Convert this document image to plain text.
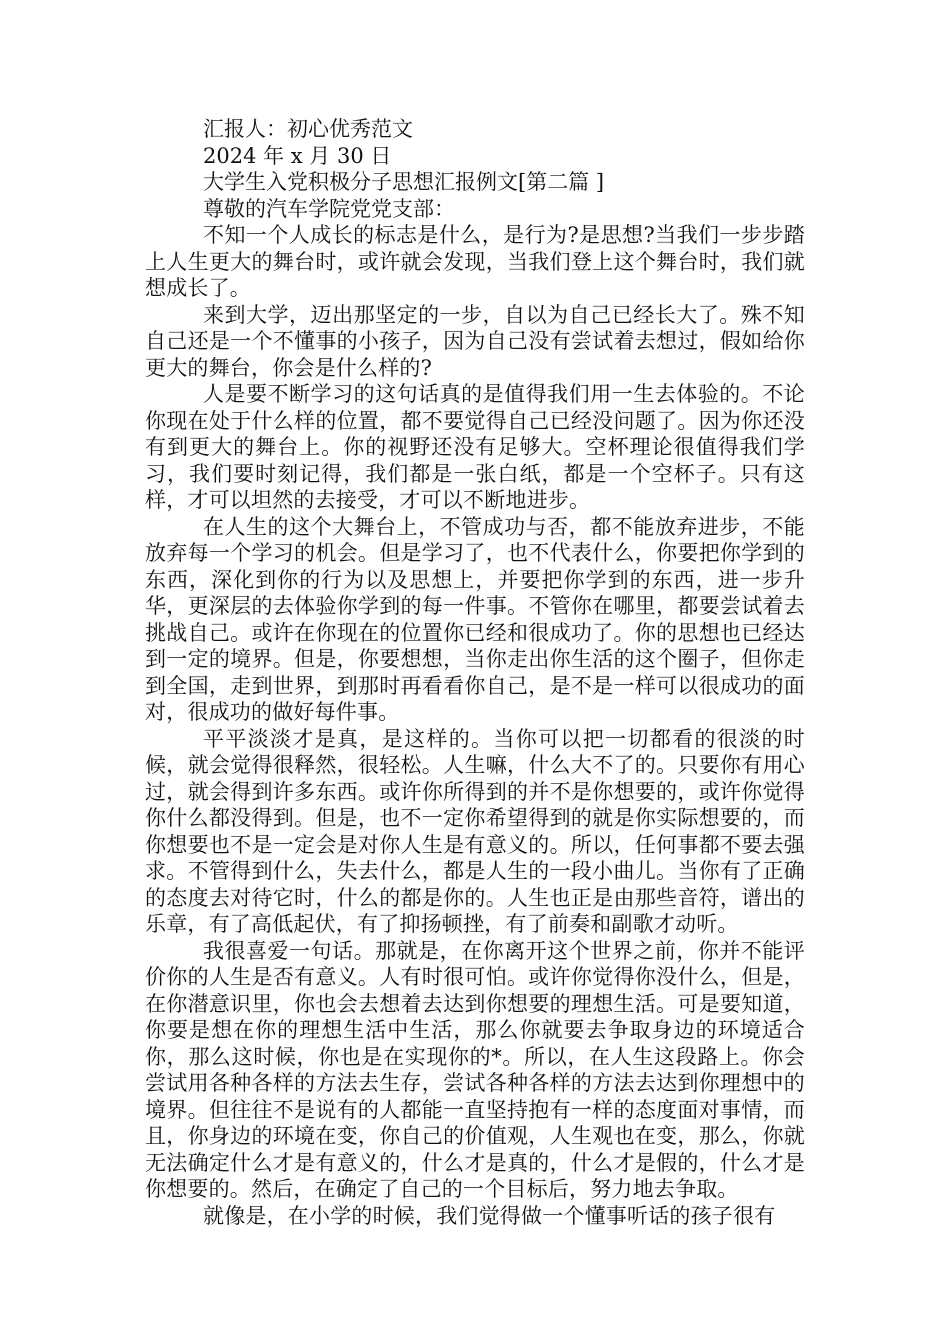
汇报人：初心优秀范文
2024 年 x 月 30 日
大学生入党积极分子思想汇报例文[第二篇 ]
尊敬的汽车学院党党支部：

不知一个人成长的标志是什么，是行为?是思想?当我们一步步踏上人生更大的舞台时，或许就会发现，当我们登上这个舞台时，我们就想成长了。

来到大学，迈出那坚定的一步，自以为自己已经长大了。殊不知自己还是一个不懂事的小孩子，因为自己没有尝试着去想过，假如给你更大的舞台，你会是什么样的?

人是要不断学习的这句话真的是值得我们用一生去体验的。不论你现在处于什么样的位置，都不要觉得自己已经没问题了。因为你还没有到更大的舞台上。你的视野还没有足够大。空杯理论很值得我们学习，我们要时刻记得，我们都是一张白纸，都是一个空杯子。只有这样，才可以坦然的去接受，才可以不断地进步。

在人生的这个大舞台上，不管成功与否，都不能放弃进步，不能放弃每一个学习的机会。但是学习了，也不代表什么，你要把你学到的东西，深化到你的行为以及思想上，并要把你学到的东西，进一步升华，更深层的去体验你学到的每一件事。不管你在哪里，都要尝试着去挑战自己。或许在你现在的位置你已经和很成功了。你的思想也已经达到一定的境界。但是，你要想想，当你走出你生活的这个圈子，但你走到全国，走到世界，到那时再看看你自己，是不是一样可以很成功的面对，很成功的做好每件事。

平平淡淡才是真，是这样的。当你可以把一切都看的很淡的时候，就会觉得很释然，很轻松。人生嘛，什么大不了的。只要你有用心过，就会得到许多东西。或许你所得到的并不是你想要的，或许你觉得你什么都没得到。但是，也不一定你希望得到的就是你实际想要的，而你想要也不是一定会是对你人生是有意义的。所以，任何事都不要去强求。不管得到什么，失去什么，都是人生的一段小曲儿。当你有了正确的态度去对待它时，什么的都是你的。人生也正是由那些音符，谱出的乐章，有了高低起伏，有了抑扬顿挫，有了前奏和副歌才动听。

我很喜爱一句话。那就是，在你离开这个世界之前，你并不能评价你的人生是否有意义。人有时很可怕。或许你觉得你没什么，但是，在你潜意识里，你也会去想着去达到你想要的理想生活。可是要知道，你要是想在你的理想生活中生活，那么你就要去争取身边的环境适合你，那么这时候，你也是在实现你的*。所以，在人生这段路上。你会尝试用各种各样的方法去生存，尝试各种各样的方法去达到你理想中的境界。但往往不是说有的人都能一直坚持抱有一样的态度面对事情，而且，你身边的环境在变，你自己的价值观，人生观也在变，那么，你就无法确定什么才是有意义的，什么才是真的，什么才是假的，什么才是你想要的。然后，在确定了自己的一个目标后，努力地去争取。

就像是，在小学的时候，我们觉得做一个懂事听话的孩子很有
